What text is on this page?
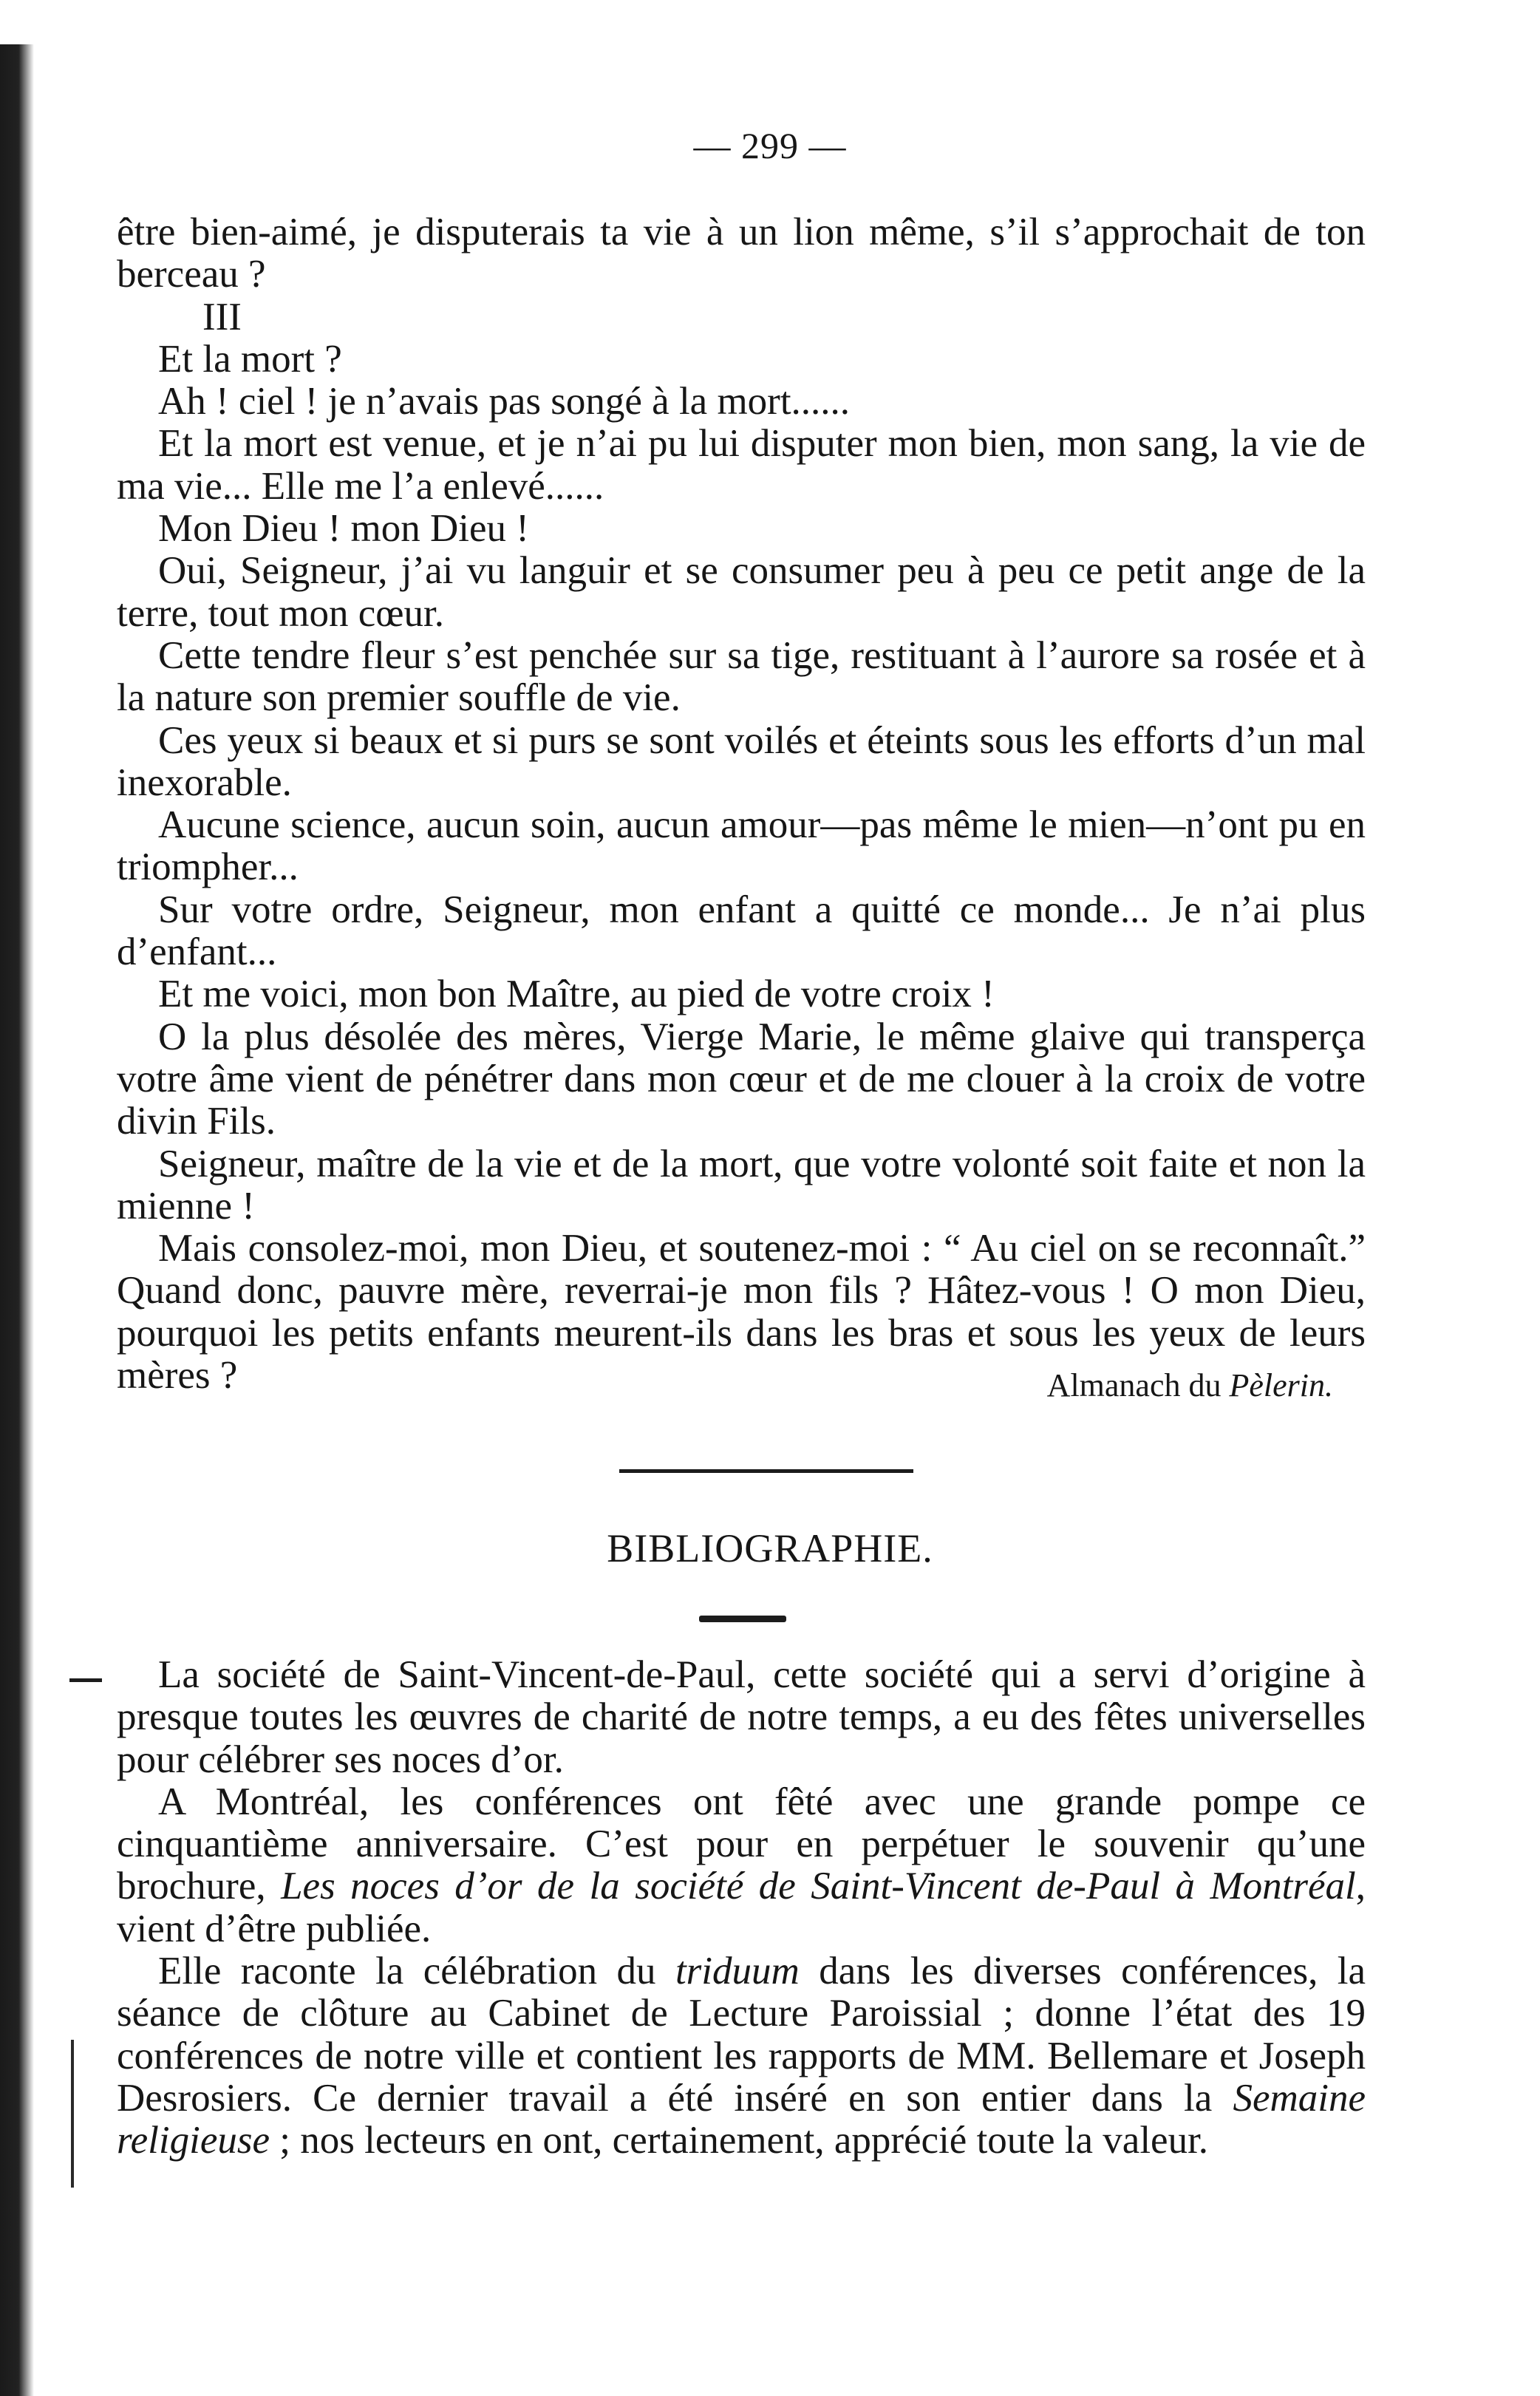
— 299 —

être bien-aimé, je disputerais ta vie à un lion même, s’il s’approchait de ton berceau ?

III

Et la mort ?

Ah ! ciel ! je n’avais pas songé à la mort......

Et la mort est venue, et je n’ai pu lui disputer mon bien, mon sang, la vie de ma vie... Elle me l’a enlevé......

Mon Dieu ! mon Dieu !

Oui, Seigneur, j’ai vu languir et se consumer peu à peu ce petit ange de la terre, tout mon cœur.

Cette tendre fleur s’est penchée sur sa tige, restituant à l’aurore sa rosée et à la nature son premier souffle de vie.

Ces yeux si beaux et si purs se sont voilés et éteints sous les efforts d’un mal inexorable.

Aucune science, aucun soin, aucun amour—pas même le mien—n’ont pu en triompher...

Sur votre ordre, Seigneur, mon enfant a quitté ce monde... Je n’ai plus d’enfant...

Et me voici, mon bon Maître, au pied de votre croix !

O la plus désolée des mères, Vierge Marie, le même glaive qui transperça votre âme vient de pénétrer dans mon cœur et de me clouer à la croix de votre divin Fils.

Seigneur, maître de la vie et de la mort, que votre volonté soit faite et non la mienne !

Mais consolez-moi, mon Dieu, et soutenez-moi : “ Au ciel on se reconnaît.” Quand donc, pauvre mère, reverrai-je mon fils ? Hâtez-vous ! O mon Dieu, pourquoi les petits enfants meurent-ils dans les bras et sous les yeux de leurs mères ?	Almanach du Pèlerin.
BIBLIOGRAPHIE.

La société de Saint-Vincent-de-Paul, cette société qui a servi d’origine à presque toutes les œuvres de charité de notre temps, a eu des fêtes universelles pour célébrer ses noces d’or.

A Montréal, les conférences ont fêté avec une grande pompe ce cinquantième anniversaire. C’est pour en perpétuer le souvenir qu’une brochure, Les noces d’or de la société de Saint-Vincent de-Paul à Montréal, vient d’être publiée.

Elle raconte la célébration du triduum dans les diverses conférences, la séance de clôture au Cabinet de Lecture Paroissial ; donne l’état des 19 conférences de notre ville et contient les rapports de MM. Bellemare et Joseph Desrosiers. Ce dernier travail a été inséré en son entier dans la Semaine religieuse ; nos lecteurs en ont, certainement, apprécié toute la valeur.
